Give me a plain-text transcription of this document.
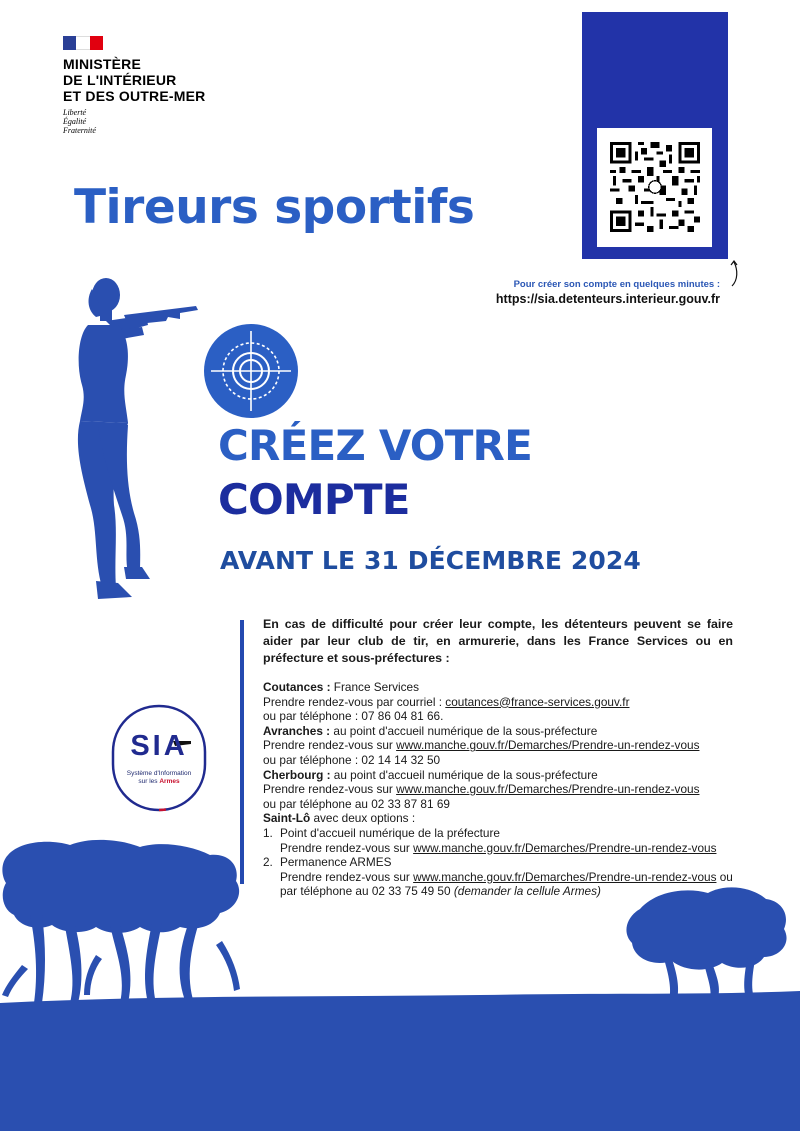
MINISTÈRE
DE L'INTÉRIEUR
ET DES OUTRE-MER
Liberté
Égalité
Fraternité
Pour créer son compte en quelques minutes :
https://sia.detenteurs.interieur.gouv.fr
Tireurs sportifs
CRÉEZ VOTRE
COMPTE
AVANT LE 31 DÉCEMBRE 2024
En cas de difficulté pour créer leur compte, les détenteurs peuvent se faire aider par leur club de tir, en armurerie, dans les France Services ou en préfecture et sous-préfectures :
Coutances : France Services
Prendre rendez-vous par courriel : coutances@france-services.gouv.fr
ou par téléphone : 07 86 04 81 66.
Avranches : au point d'accueil numérique de la sous-préfecture
Prendre rendez-vous sur www.manche.gouv.fr/Demarches/Prendre-un-rendez-vous
ou par téléphone : 02 14 14 32 50
Cherbourg : au point d'accueil numérique de la sous-préfecture
Prendre rendez-vous sur www.manche.gouv.fr/Demarches/Prendre-un-rendez-vous
ou par téléphone au 02 33 87 81 69
Saint-Lô avec deux options :
1. Point d'accueil numérique de la préfecture
Prendre rendez-vous sur www.manche.gouv.fr/Demarches/Prendre-un-rendez-vous
2. Permanence ARMES
Prendre rendez-vous sur www.manche.gouv.fr/Demarches/Prendre-un-rendez-vous ou
par téléphone au 02 33 75 49 50 (demander la cellule Armes)
SIA
Système d'Information
sur les Armes
